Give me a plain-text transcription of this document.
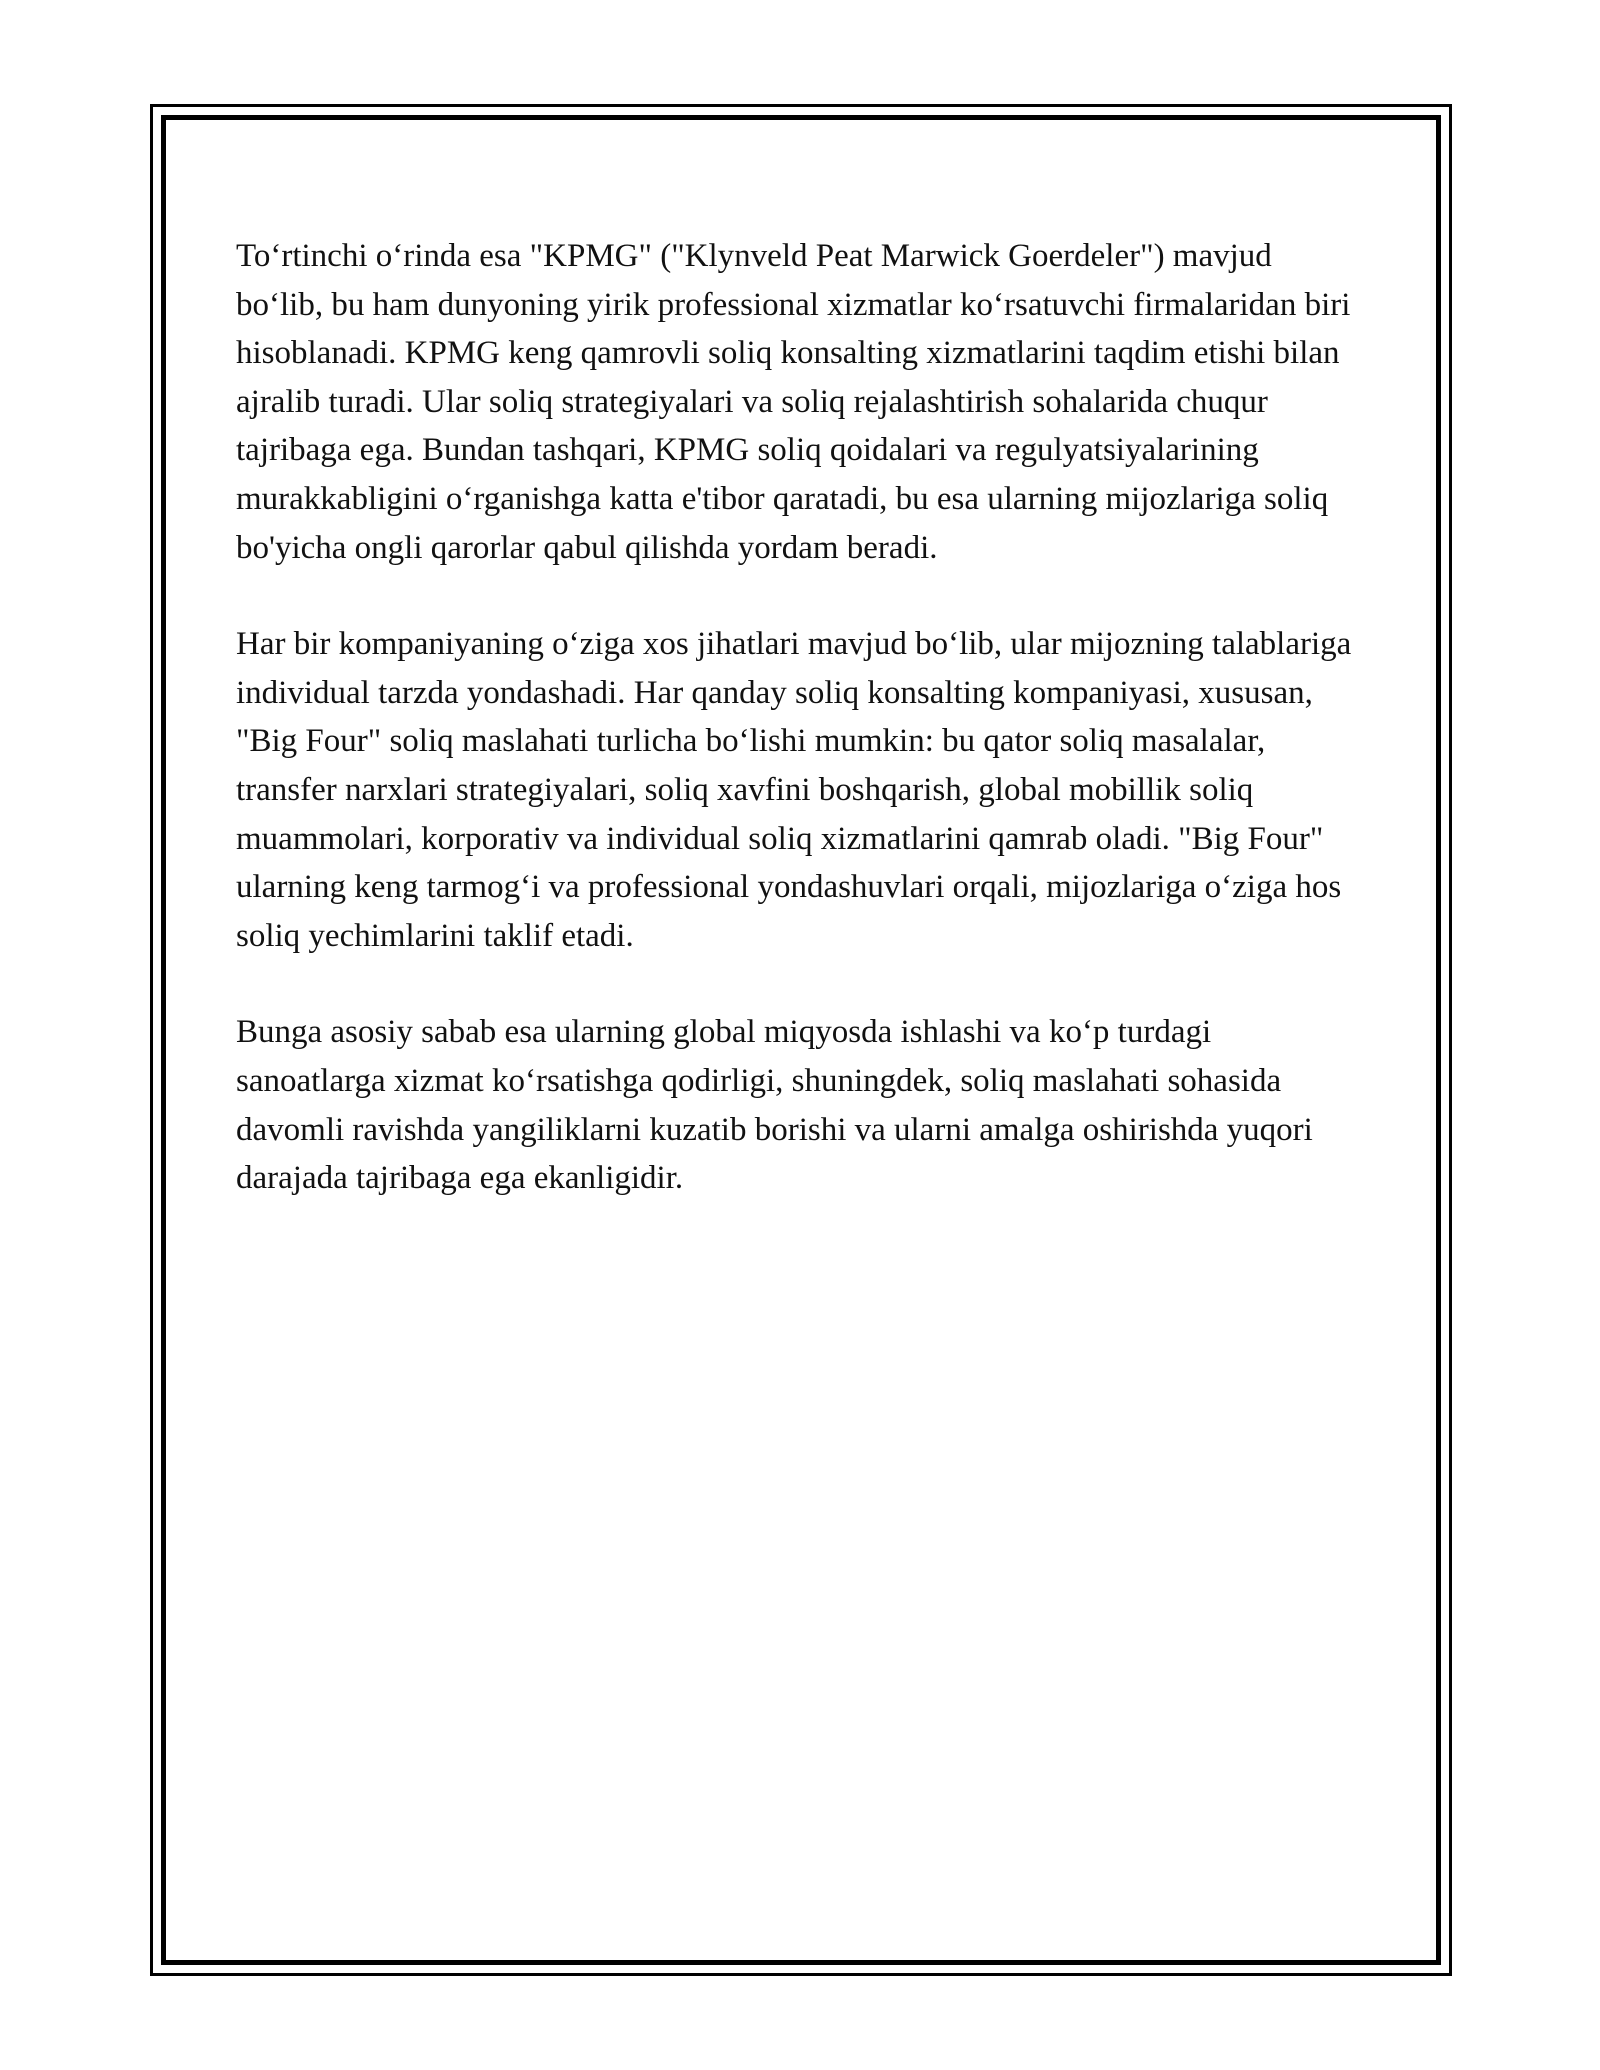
To‘rtinchi o‘rinda esa "KPMG" ("Klynveld Peat Marwick Goerdeler") mavjud bo‘lib, bu ham dunyoning yirik professional xizmatlar ko‘rsatuvchi firmalaridan biri hisoblanadi. KPMG keng qamrovli soliq konsalting xizmatlarini taqdim etishi bilan ajralib turadi. Ular soliq strategiyalari va soliq rejalashtirish sohalarida chuqur tajribaga ega. Bundan tashqari, KPMG soliq qoidalari va regulyatsiyalarining murakkabligini o‘rganishga katta e'tibor qaratadi, bu esa ularning mijozlariga soliq bo'yicha ongli qarorlar qabul qilishda yordam beradi.

Har bir kompaniyaning o‘ziga xos jihatlari mavjud bo‘lib, ular mijozning talablariga individual tarzda yondashadi. Har qanday soliq konsalting kompaniyasi, xususan, "Big Four" soliq maslahati turlicha bo‘lishi mumkin: bu qator soliq masalalar, transfer narxlari strategiyalari, soliq xavfini boshqarish, global mobillik soliq muammolari, korporativ va individual soliq xizmatlarini qamrab oladi. "Big Four" ularning keng tarmog‘i va professional yondashuvlari orqali, mijozlariga o‘ziga hos soliq yechimlarini taklif etadi.

Bunga asosiy sabab esa ularning global miqyosda ishlashi va ko‘p turdagi sanoatlarga xizmat ko‘rsatishga qodirligi, shuningdek, soliq maslahati sohasida davomli ravishda yangiliklarni kuzatib borishi va ularni amalga oshirishda yuqori darajada tajribaga ega ekanligidir.
